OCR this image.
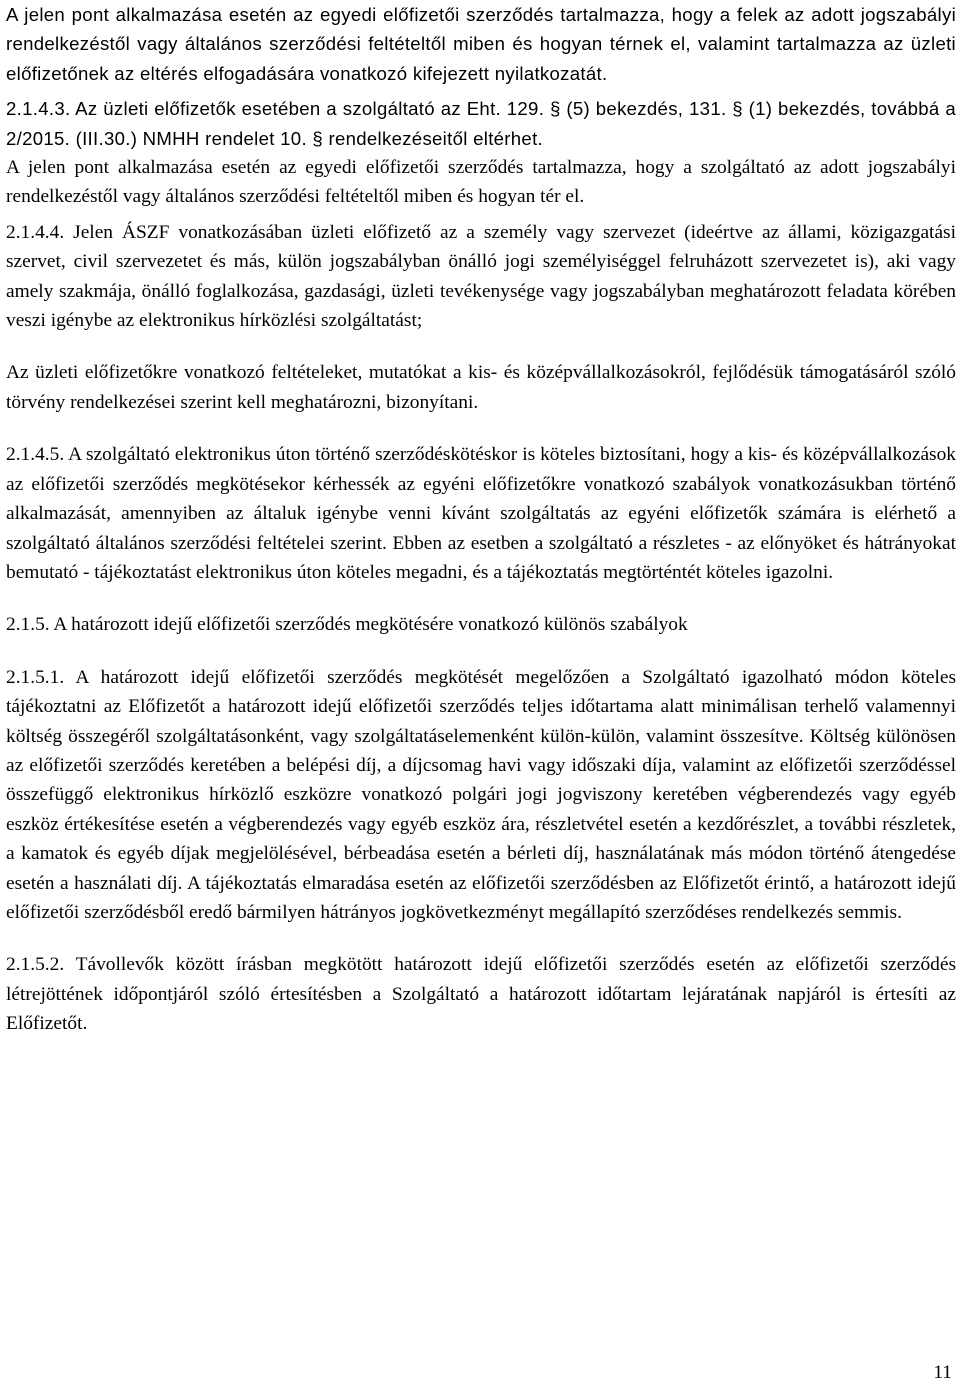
A jelen pont alkalmazása esetén az egyedi előfizetői szerződés tartalmazza, hogy a felek az adott jogszabályi rendelkezéstől vagy általános szerződési feltételtől miben és hogyan térnek el, valamint tartalmazza az üzleti előfizetőnek az eltérés elfogadására vonatkozó kifejezett nyilatkozatát.

2.1.4.3. Az üzleti előfizetők esetében a szolgáltató az Eht. 129. § (5) bekezdés, 131. § (1) bekezdés, továbbá a 2/2015. (III.30.) NMHH rendelet 10. § rendelkezéseitől eltérhet.

A jelen pont alkalmazása esetén az egyedi előfizetői szerződés tartalmazza, hogy a szolgáltató az adott jogszabályi rendelkezéstől vagy általános szerződési feltételtől miben és hogyan tér el.

2.1.4.4. Jelen ÁSZF vonatkozásában üzleti előfizető az a személy vagy szervezet (ideértve az állami, közigazgatási szervet, civil szervezetet és más, külön jogszabályban önálló jogi személyiséggel felruházott szervezetet is), aki vagy amely szakmája, önálló foglalkozása, gazdasági, üzleti tevékenysége vagy jogszabályban meghatározott feladata körében veszi igénybe az elektronikus hírközlési szolgáltatást;

Az üzleti előfizetőkre vonatkozó feltételeket, mutatókat a kis- és középvállalkozásokról, fejlődésük támogatásáról szóló törvény rendelkezései szerint kell meghatározni, bizonyítani.

2.1.4.5. A szolgáltató elektronikus úton történő szerződéskötéskor is köteles biztosítani, hogy a kis- és középvállalkozások az előfizetői szerződés megkötésekor kérhessék az egyéni előfizetőkre vonatkozó szabályok vonatkozásukban történő alkalmazását, amennyiben az általuk igénybe venni kívánt szolgáltatás az egyéni előfizetők számára is elérhető a szolgáltató általános szerződési feltételei szerint. Ebben az esetben a szolgáltató a részletes - az előnyöket és hátrányokat bemutató - tájékoztatást elektronikus úton köteles megadni, és a tájékoztatás megtörténtét köteles igazolni.

2.1.5. A határozott idejű előfizetői szerződés megkötésére vonatkozó különös szabályok

2.1.5.1. A határozott idejű előfizetői szerződés megkötését megelőzően a Szolgáltató igazolható módon köteles tájékoztatni az Előfizetőt a határozott idejű előfizetői szerződés teljes időtartama alatt minimálisan terhelő valamennyi költség összegéről szolgáltatásonként, vagy szolgáltatáselemenként külön-külön, valamint összesítve. Költség különösen az előfizetői szerződés keretében a belépési díj, a díjcsomag havi vagy időszaki díja, valamint az előfizetői szerződéssel összefüggő elektronikus hírközlő eszközre vonatkozó polgári jogi jogviszony keretében végberendezés vagy egyéb eszköz értékesítése esetén a végberendezés vagy egyéb eszköz ára, részletvétel esetén a kezdőrészlet, a további részletek, a kamatok és egyéb díjak megjelölésével, bérbeadása esetén a bérleti díj, használatának más módon történő átengedése esetén a használati díj. A tájékoztatás elmaradása esetén az előfizetői szerződésben az Előfizetőt érintő, a határozott idejű előfizetői szerződésből eredő bármilyen hátrányos jogkövetkezményt megállapító szerződéses rendelkezés semmis.

2.1.5.2. Távollevők között írásban megkötött határozott idejű előfizetői szerződés esetén az előfizetői szerződés létrejöttének időpontjáról szóló értesítésben a Szolgáltató a határozott időtartam lejáratának napjáról is értesíti az Előfizetőt.

11
